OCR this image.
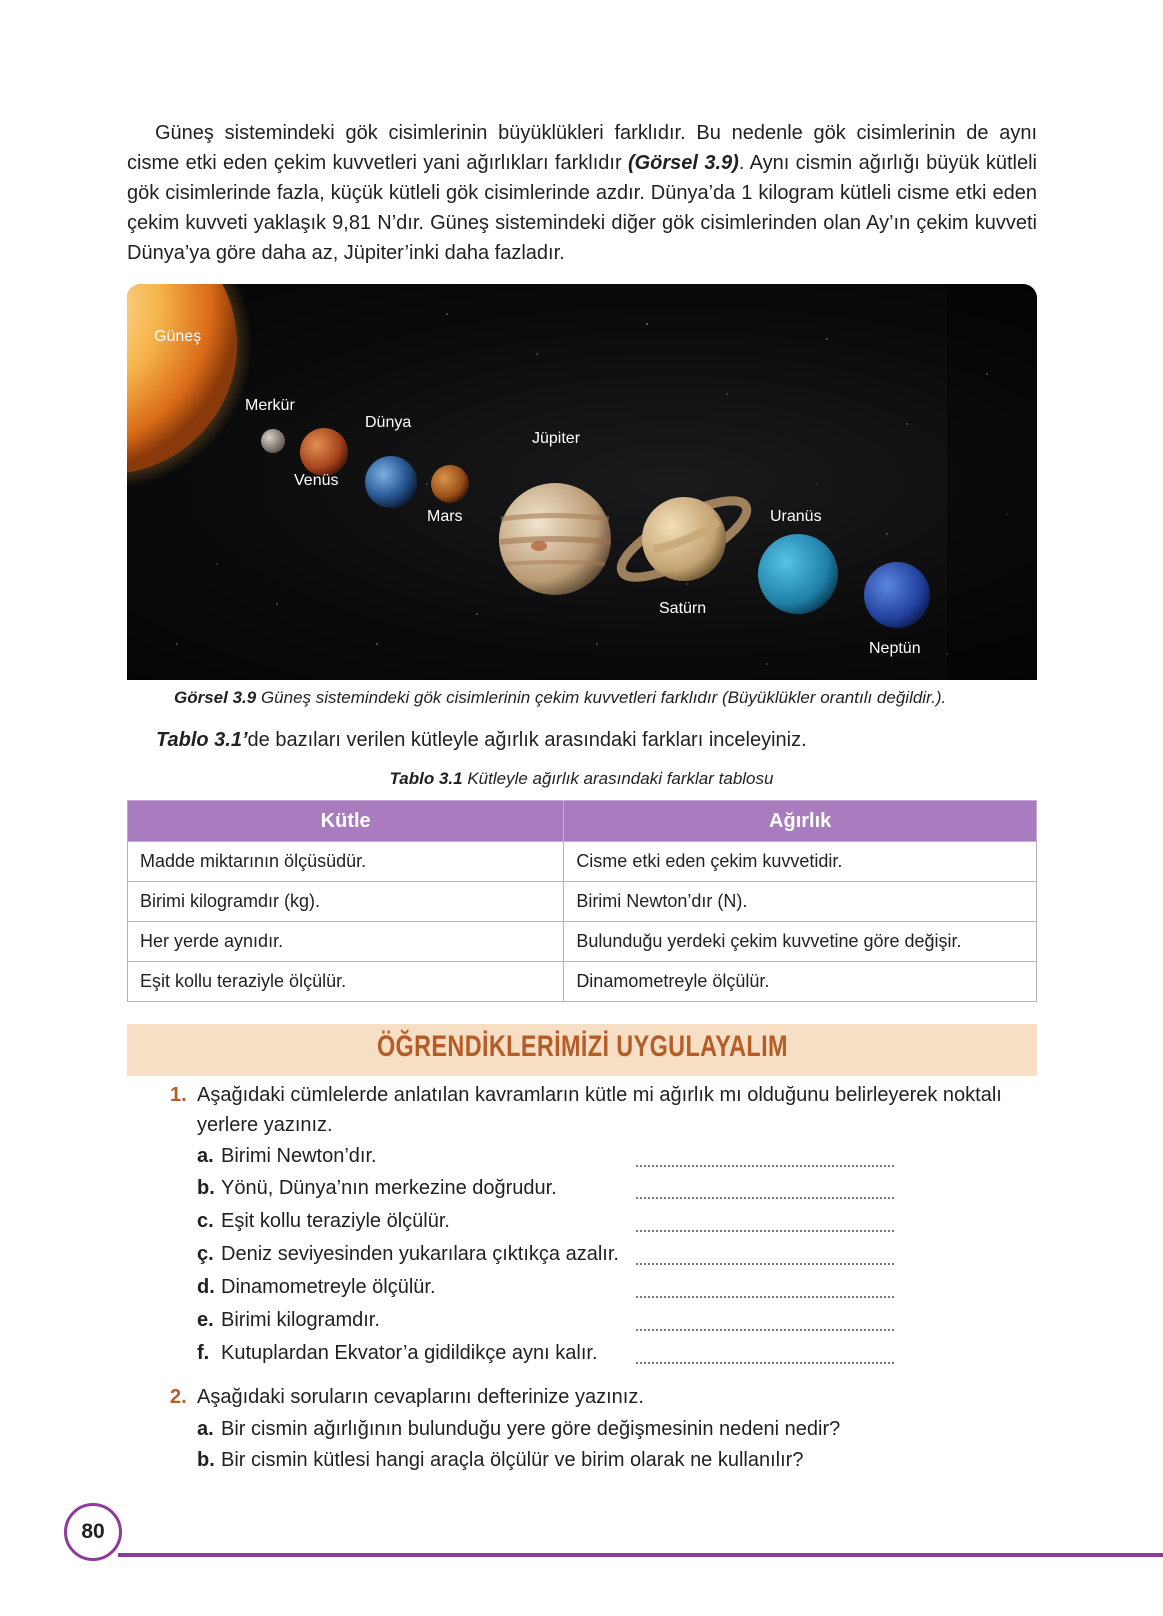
Güneş sistemindeki gök cisimlerinin büyüklükleri farklıdır. Bu nedenle gök cisimlerinin de aynı cisme etki eden çekim kuvvetleri yani ağırlıkları farklıdır (Görsel 3.9). Aynı cismin ağırlığı büyük kütleli gök cisimlerinde fazla, küçük kütleli gök cisimlerinde azdır. Dünya’da 1 kilogram kütleli cisme etki eden çekim kuvveti yaklaşık 9,81 N’dır. Güneş sistemindeki diğer gök cisimlerinden olan Ay’ın çekim kuvveti Dünya’ya göre daha az, Jüpiter’inki daha fazladır.

Güneş
Merkür
Venüs
Dünya
Mars
Jüpiter
Satürn
Uranüs
Neptün
Görsel 3.9 Güneş sistemindeki gök cisimlerinin çekim kuvvetleri farklıdır (Büyüklükler orantılı değildir.).
Tablo 3.1’de bazıları verilen kütleyle ağırlık arasındaki farkları inceleyiniz.
Tablo 3.1 Kütleyle ağırlık arasındaki farklar tablosu
Kütle	Ağırlık
Madde miktarının ölçüsüdür.	Cisme etki eden çekim kuvvetidir.
Birimi kilogramdır (kg).	Birimi Newton’dır (N).
Her yerde aynıdır.	Bulunduğu yerdeki çekim kuvvetine göre değişir.
Eşit kollu teraziyle ölçülür.	Dinamometreyle ölçülür.
ÖĞRENDİKLERİMİZİ UYGULAYALIM
1. Aşağıdaki cümlelerde anlatılan kavramların kütle mi ağırlık mı olduğunu belirleyerek noktalı
yerlere yazınız.
a. Birimi Newton’dır.
b. Yönü, Dünya’nın merkezine doğrudur.
c. Eşit kollu teraziyle ölçülür.
ç. Deniz seviyesinden yukarılara çıktıkça azalır.
d. Dinamometreyle ölçülür.
e. Birimi kilogramdır.
f. Kutuplardan Ekvator’a gidildikçe aynı kalır.
2. Aşağıdaki soruların cevaplarını defterinize yazınız.
a. Bir cismin ağırlığının bulunduğu yere göre değişmesinin nedeni nedir?
b. Bir cismin kütlesi hangi araçla ölçülür ve birim olarak ne kullanılır?
80
